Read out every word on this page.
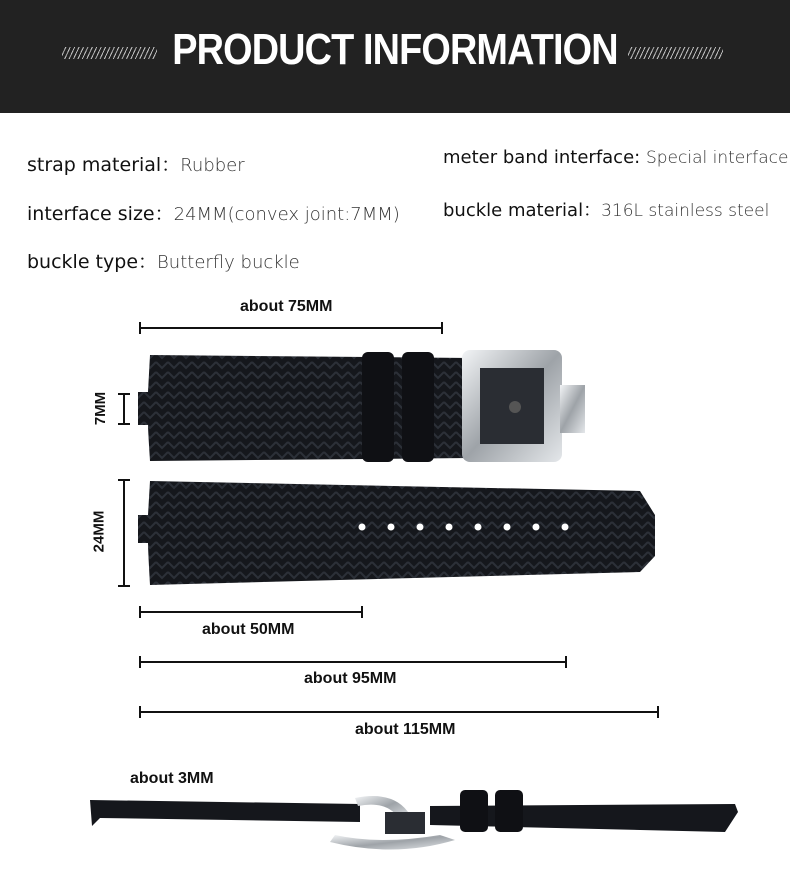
PRODUCT INFORMATION
strap material：Rubber
interface size：24MM(convex joint:7MM)
buckle type：Butterfly buckle
meter band interface: Special interface
buckle material：316L stainless steel
about 75MM
7MM
24MM
about 50MM
about 95MM
about 115MM
about 3MM
